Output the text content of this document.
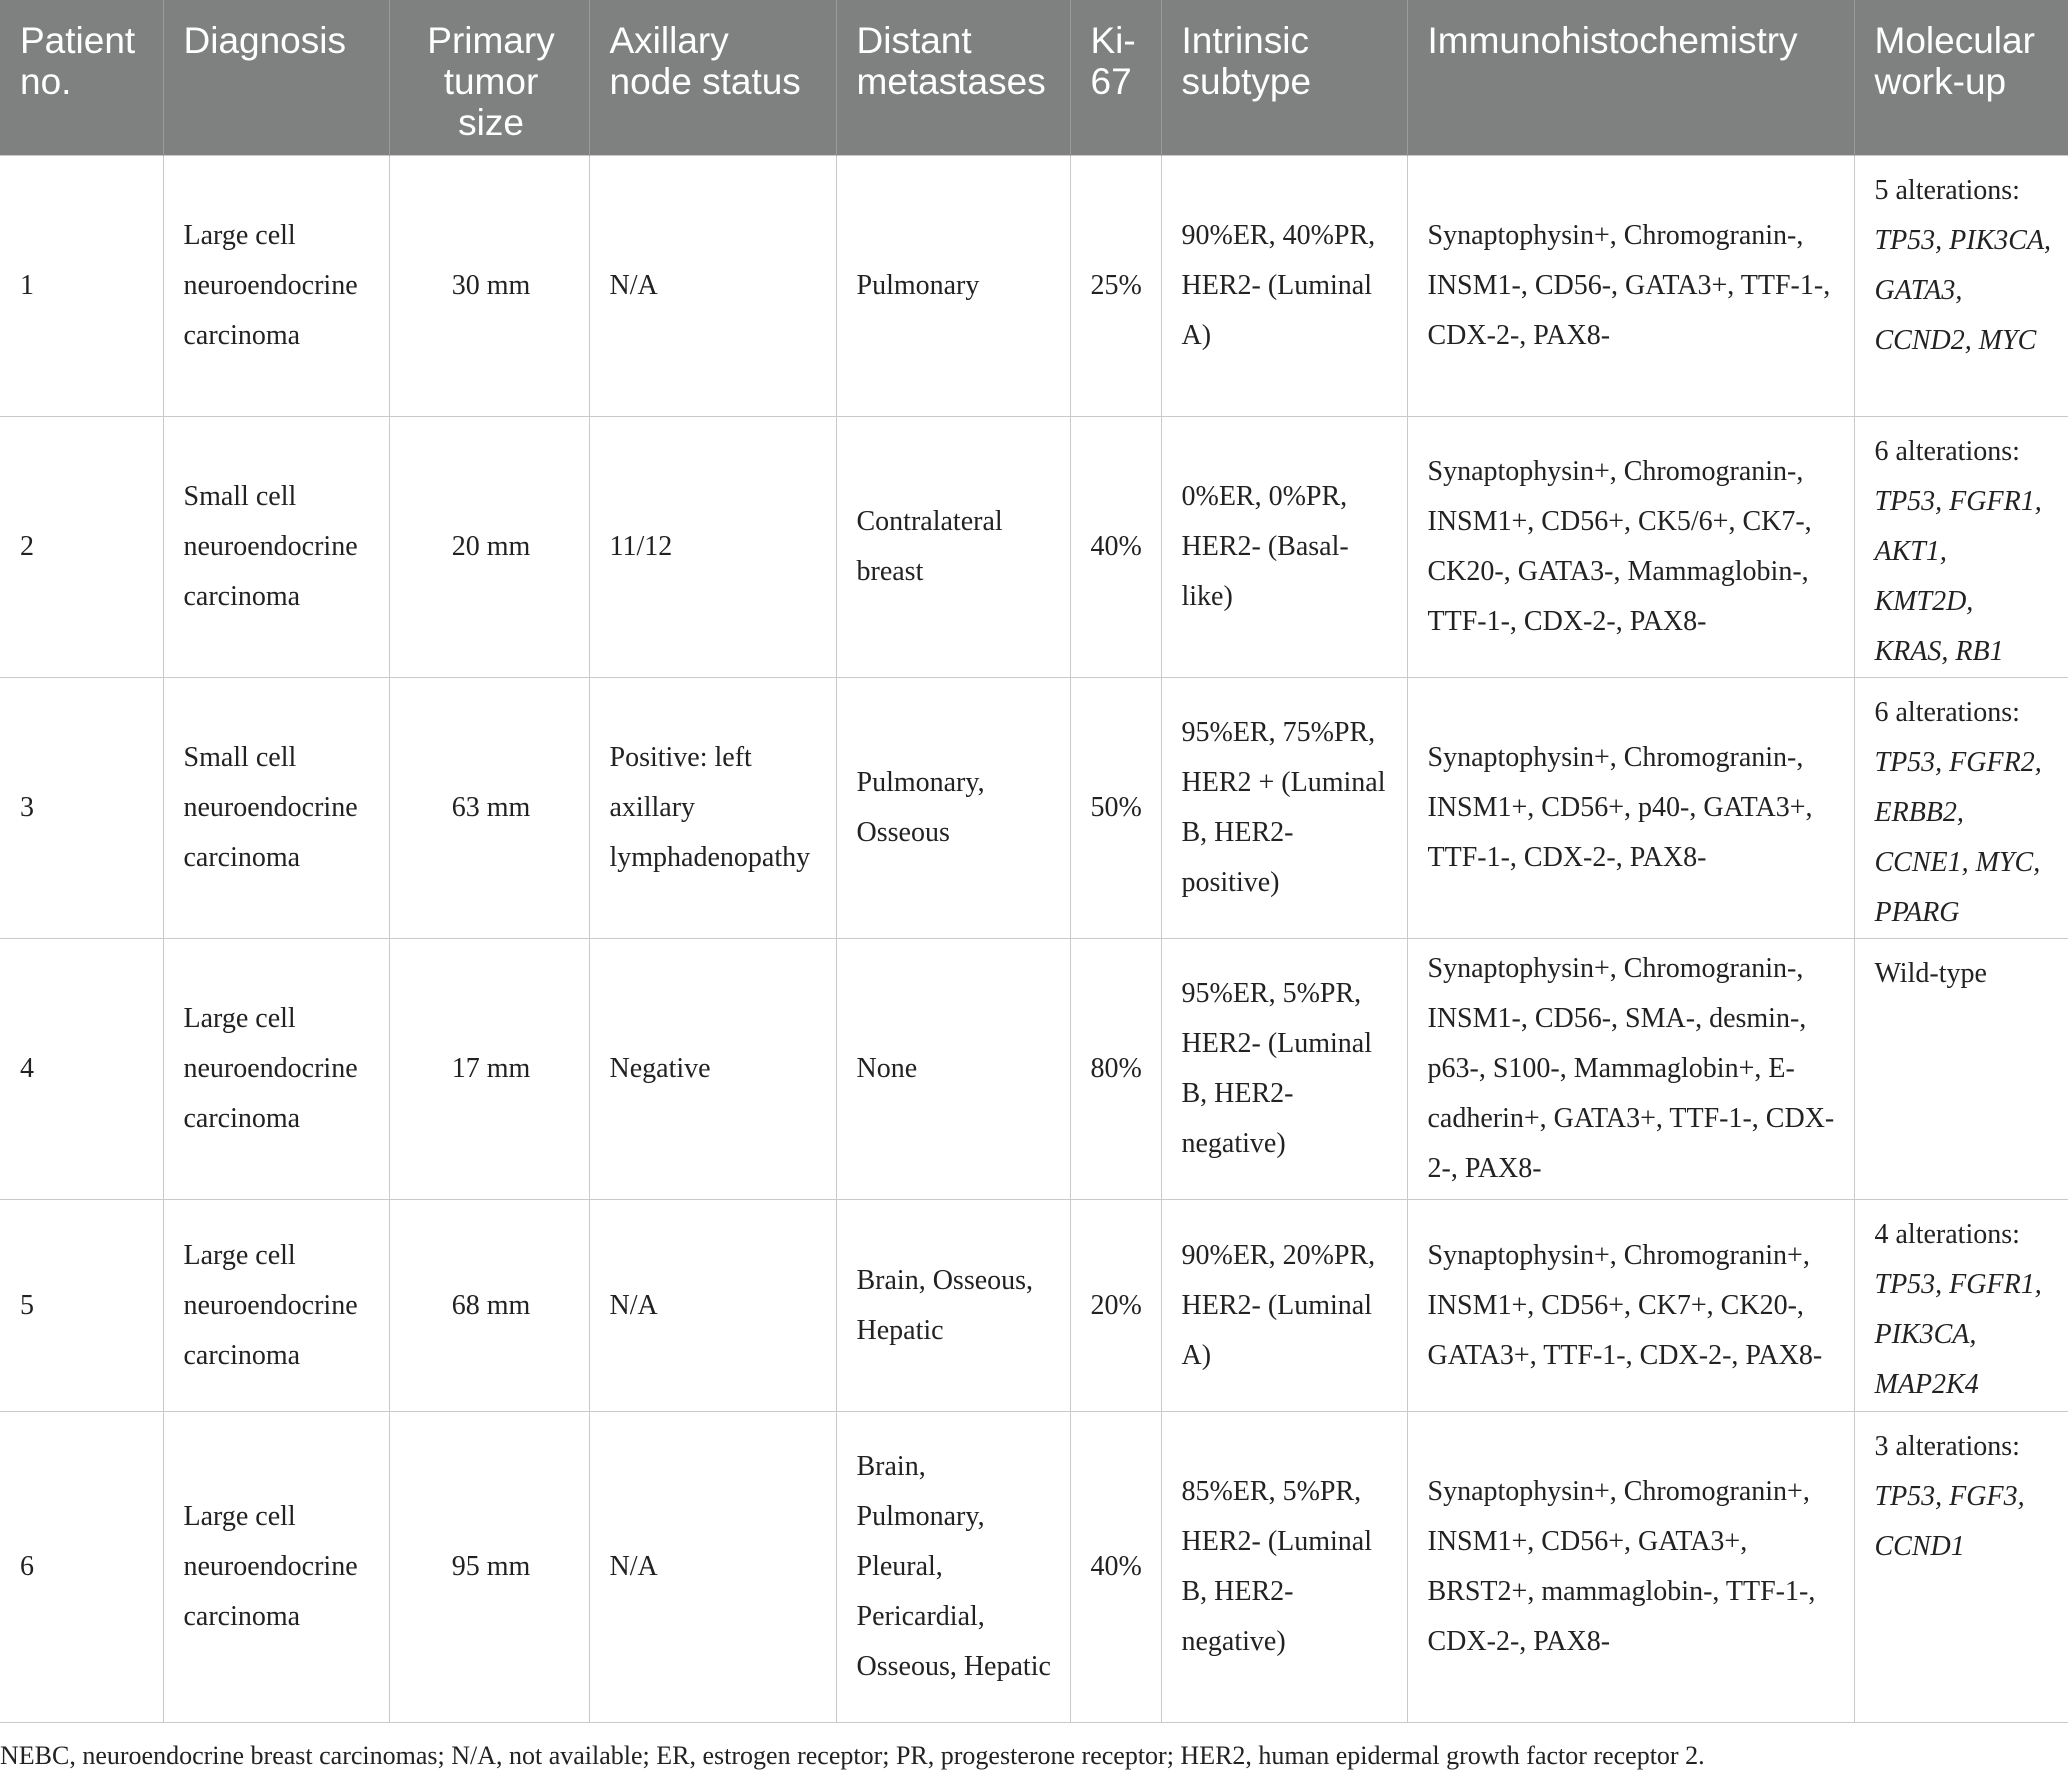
Patient no.	Diagnosis	Primary tumor size	Axillary node status	Distant metastases	Ki-67	Intrinsic subtype	Immunohistochemistry	Molecular work-up
1	Large cell neuroendocrine carcinoma	30 mm	N/A	Pulmonary	25%	90%ER, 40%PR, HER2- (Luminal A)	Synaptophysin+, Chromogranin-, INSM1-, CD56-, GATA3+, TTF-1-, CDX-2-, PAX8-	5 alterations:
TP53, PIK3CA, GATA3, CCND2, MYC
2	Small cell neuroendocrine carcinoma	20 mm	11/12	Contralateral breast	40%	0%ER, 0%PR, HER2- (Basal-like)	Synaptophysin+, Chromogranin-, INSM1+, CD56+, CK5/6+, CK7-, CK20-, GATA3-, Mammaglobin-, TTF-1-, CDX-2-, PAX8-	6 alterations:
TP53, FGFR1, AKT1, KMT2D, KRAS, RB1
3	Small cell neuroendocrine carcinoma	63 mm	Positive: left axillary lymphadenopathy	Pulmonary, Osseous	50%	95%ER, 75%PR, HER2 + (Luminal B, HER2-positive)	Synaptophysin+, Chromogranin-, INSM1+, CD56+, p40-, GATA3+, TTF-1-, CDX-2-, PAX8-	6 alterations:
TP53, FGFR2, ERBB2, CCNE1, MYC, PPARG
4	Large cell neuroendocrine carcinoma	17 mm	Negative	None	80%	95%ER, 5%PR, HER2- (Luminal B, HER2-negative)	Synaptophysin+, Chromogranin-, INSM1-, CD56-, SMA-, desmin-, p63-, S100-, Mammaglobin+, E-cadherin+, GATA3+, TTF-1-, CDX-2-, PAX8-	Wild-type
5	Large cell neuroendocrine carcinoma	68 mm	N/A	Brain, Osseous, Hepatic	20%	90%ER, 20%PR, HER2- (Luminal A)	Synaptophysin+, Chromogranin+, INSM1+, CD56+, CK7+, CK20-, GATA3+, TTF-1-, CDX-2-, PAX8-	4 alterations:
TP53, FGFR1, PIK3CA, MAP2K4
6	Large cell neuroendocrine carcinoma	95 mm	N/A	Brain, Pulmonary, Pleural, Pericardial, Osseous, Hepatic	40%	85%ER, 5%PR, HER2- (Luminal B, HER2-negative)	Synaptophysin+, Chromogranin+, INSM1+, CD56+, GATA3+, BRST2+, mammaglobin-, TTF-1-, CDX-2-, PAX8-	3 alterations:
TP53, FGF3, CCND1

NEBC, neuroendocrine breast carcinomas; N/A, not available; ER, estrogen receptor; PR, progesterone receptor; HER2, human epidermal growth factor receptor 2.
